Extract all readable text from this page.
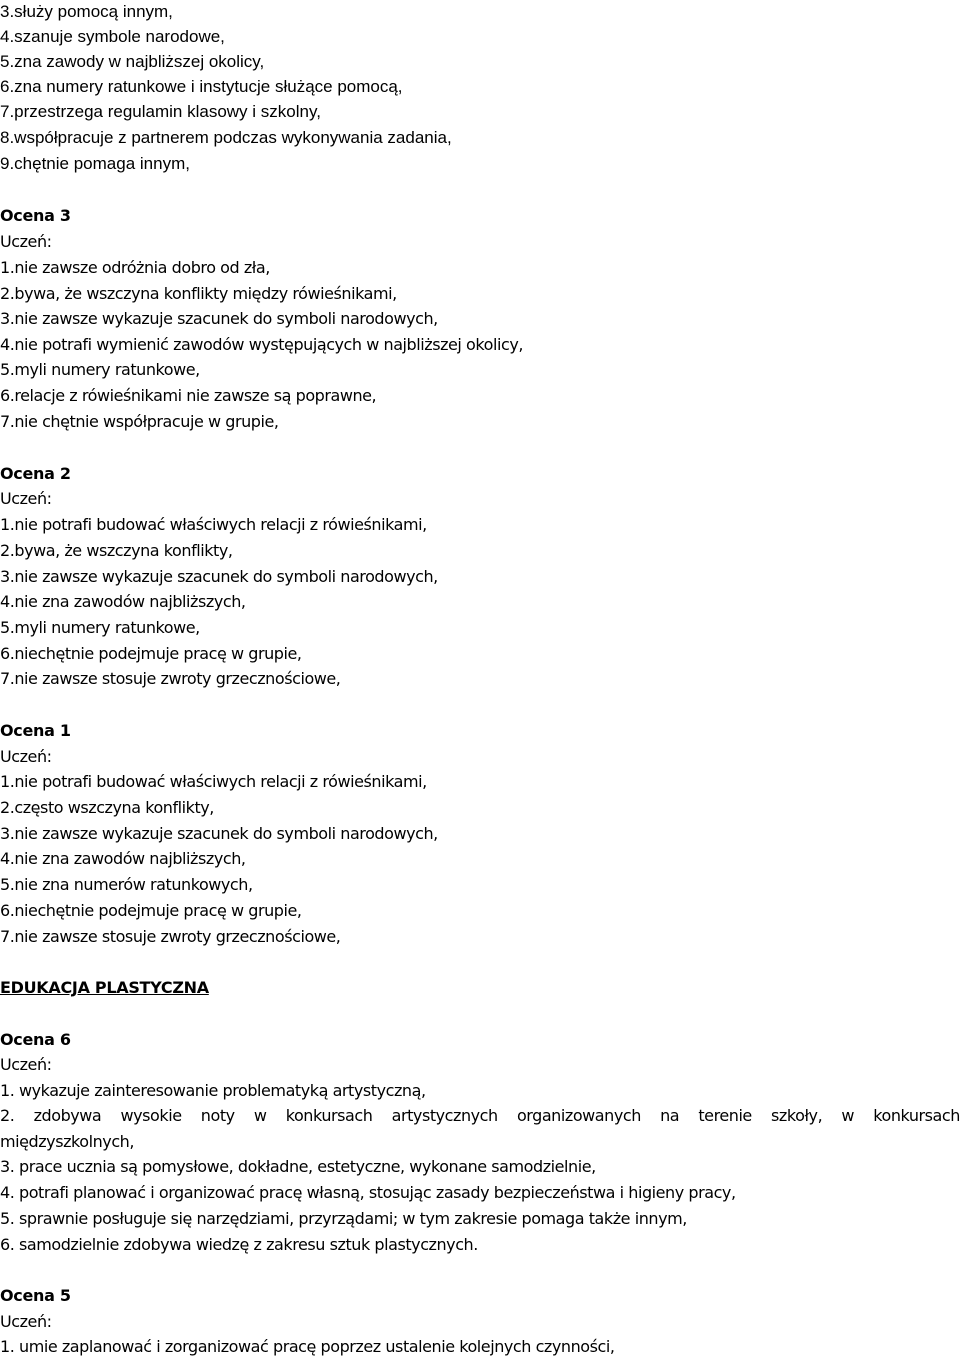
3.służy pomocą innym,
4.szanuje symbole narodowe,
5.zna zawody w najbliższej okolicy,
6.zna numery ratunkowe i instytucje służące pomocą,
7.przestrzega regulamin klasowy i szkolny,
8.współpracuje z partnerem podczas wykonywania zadania,
9.chętnie pomaga innym,
Ocena 3
Uczeń:
1.nie zawsze odróżnia dobro od zła,
2.bywa, że wszczyna konflikty między rówieśnikami,
3.nie zawsze wykazuje szacunek do symboli narodowych,
4.nie potrafi wymienić zawodów występujących w najbliższej okolicy,
5.myli numery ratunkowe,
6.relacje z rówieśnikami nie zawsze są poprawne,
7.nie chętnie współpracuje w grupie,
Ocena 2
Uczeń:
1.nie potrafi budować właściwych relacji z rówieśnikami,
2.bywa, że wszczyna konflikty,
3.nie zawsze wykazuje szacunek do symboli narodowych,
4.nie zna zawodów najbliższych,
5.myli numery ratunkowe,
6.niechętnie podejmuje pracę w grupie,
7.nie zawsze stosuje zwroty grzecznościowe,
Ocena 1
Uczeń:
1.nie potrafi budować właściwych relacji z rówieśnikami,
2.często wszczyna konflikty,
3.nie zawsze wykazuje szacunek do symboli narodowych,
4.nie zna zawodów najbliższych,
5.nie zna numerów ratunkowych,
6.niechętnie podejmuje pracę w grupie,
7.nie zawsze stosuje zwroty grzecznościowe,
EDUKACJA PLASTYCZNA
Ocena 6
Uczeń:
1. wykazuje zainteresowanie problematyką artystyczną,
2. zdobywa wysokie noty w konkursach artystycznych organizowanych na terenie szkoły, w konkursach
międzyszkolnych,
3. prace ucznia są pomysłowe, dokładne, estetyczne, wykonane samodzielnie,
4. potrafi planować i organizować pracę własną, stosując zasady bezpieczeństwa i higieny pracy,
5. sprawnie posługuje się narzędziami, przyrządami; w tym zakresie pomaga także innym,
6. samodzielnie zdobywa wiedzę z zakresu sztuk plastycznych.
Ocena 5
Uczeń:
1. umie zaplanować i zorganizować pracę poprzez ustalenie kolejnych czynności,
